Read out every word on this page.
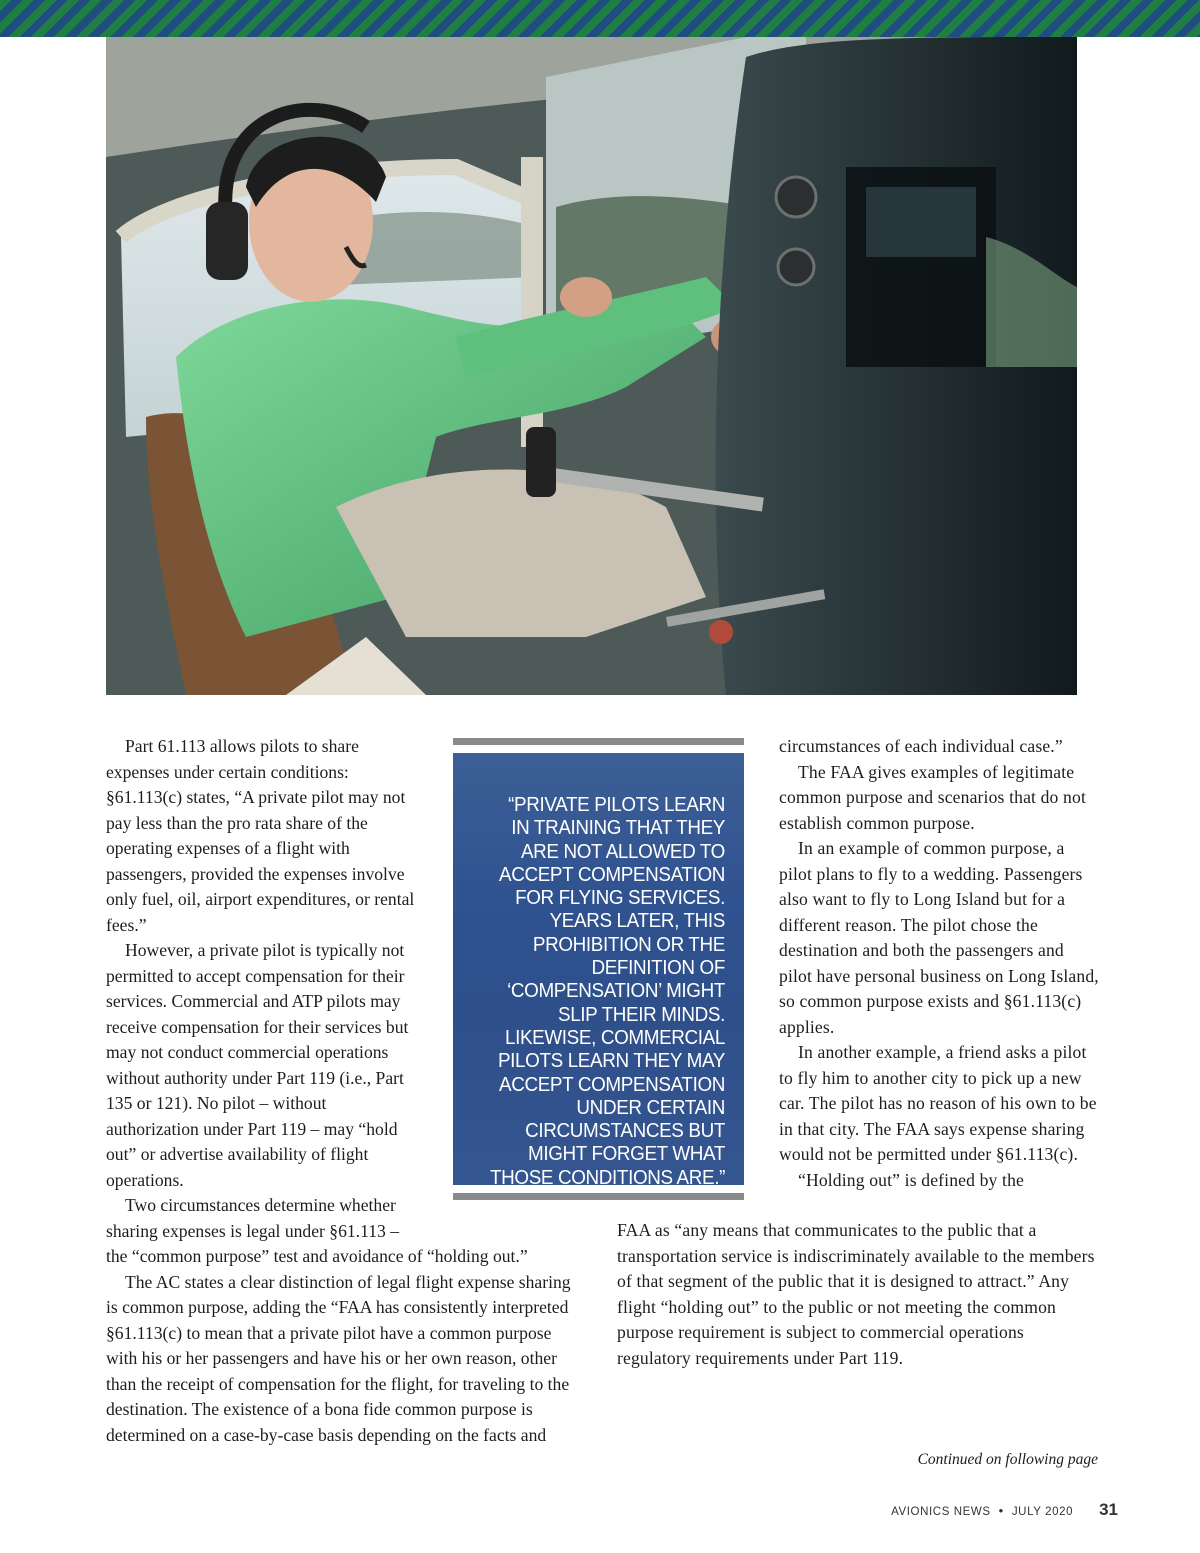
Part 61.113 allows pilots to share expenses under certain conditions: §61.113(c) states, “A private pilot may not pay less than the pro rata share of the operating expenses of a flight with passengers, provided the expenses involve only fuel, oil, airport expenditures, or rental fees.”

However, a private pilot is typically not permitted to accept compensation for their services. Commercial and ATP pilots may receive compensation for their services but may not conduct commercial operations without authority under Part 119 (i.e., Part 135 or 121). No pilot – without authorization under Part 119 – may “hold out” or advertise availability of flight operations.

Two circumstances determine whether sharing expenses is legal under §61.113 –

the “common purpose” test and avoidance of “holding out.”

The AC states a clear distinction of legal flight expense sharing is common purpose, adding the “FAA has consistently interpreted §61.113(c) to mean that a private pilot have a common purpose with his or her passengers and have his or her own reason, other than the receipt of compensation for the flight, for traveling to the destination. The existence of a bona fide common purpose is determined on a case-by-case basis depending on the facts and

“PRIVATE PILOTS LEARN IN TRAINING THAT THEY ARE NOT ALLOWED TO ACCEPT COMPENSATION FOR FLYING SERVICES. YEARS LATER, THIS PROHIBITION OR THE DEFINITION OF ‘COMPENSATION’ MIGHT SLIP THEIR MINDS. LIKEWISE, COMMERCIAL PILOTS LEARN THEY MAY ACCEPT COMPENSATION UNDER CERTAIN CIRCUMSTANCES BUT MIGHT FORGET WHAT THOSE CONDITIONS ARE.”

circumstances of each individual case.”

The FAA gives examples of legitimate common purpose and scenarios that do not establish common purpose.

In an example of common purpose, a pilot plans to fly to a wedding. Passengers also want to fly to Long Island but for a different reason. The pilot chose the destination and both the passengers and pilot have personal business on Long Island, so common purpose exists and §61.113(c) applies.

In another example, a friend asks a pilot to fly him to another city to pick up a new car. The pilot has no reason of his own to be in that city. The FAA says expense sharing would not be permitted under §61.113(c).

“Holding out” is defined by the

FAA as “any means that communicates to the public that a transportation service is indiscriminately available to the members of that segment of the public that it is designed to attract.” Any flight “holding out” to the public or not meeting the common purpose requirement is subject to commercial operations regulatory requirements under Part 119.

Continued on following page
AVIONICS NEWS • JULY 2020 31
